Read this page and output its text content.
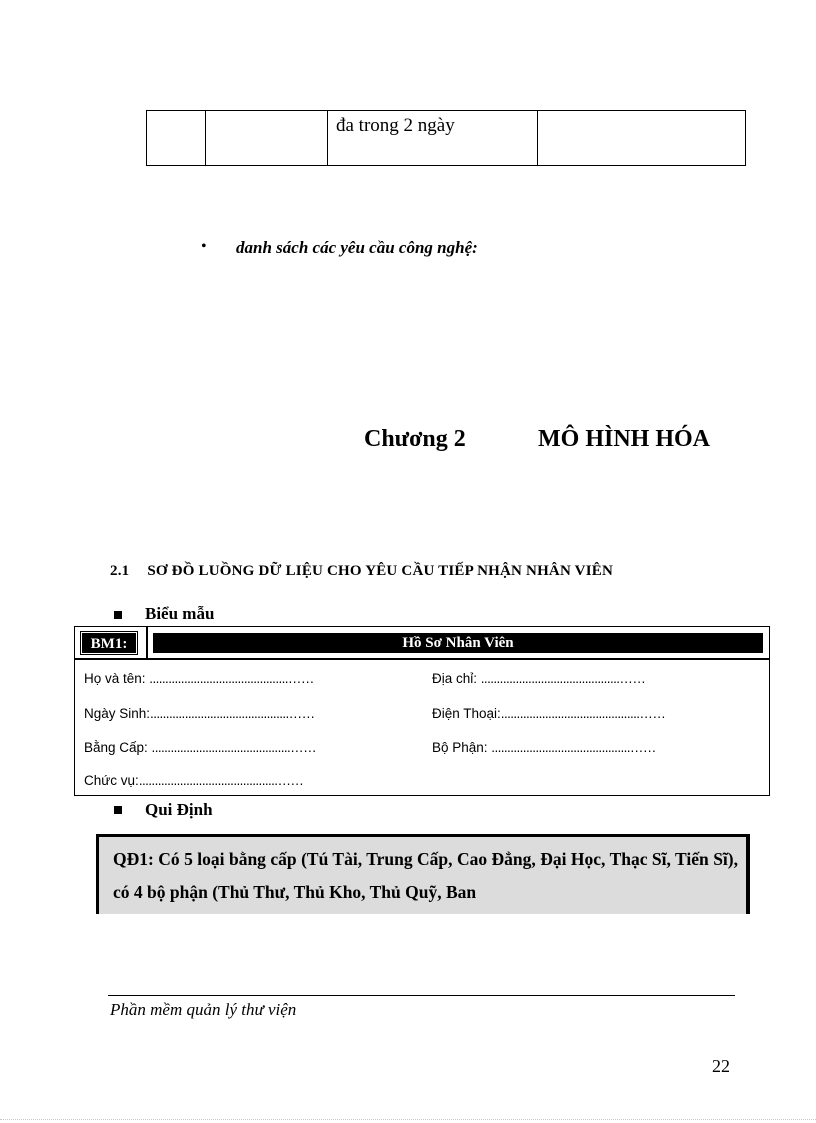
		đa trong 2 ngày	
• danh sách các yêu cầu công nghệ:
Chương 2	MÔ HÌNH HÓA
2.1 SƠ ĐỒ LUỒNG DỮ LIỆU CHO YÊU CẦU TIẾP NHẬN NHÂN VIÊN
Biểu mẫu
BM1:	Hồ Sơ Nhân Viên
Họ và tên: ............................................……	Địa chỉ: ............................................……
Ngày Sinh:............................................……	Điện Thoại:............................................……
Bằng Cấp: ............................................……	Bộ Phận: ............................................……
Chức vụ:............................................……
Qui Định
QĐ1: Có 5 loại bằng cấp (Tú Tài, Trung Cấp, Cao Đẳng, Đại Học, Thạc Sĩ, Tiến Sĩ), có 4 bộ phận (Thủ Thư, Thủ Kho, Thủ Quỹ, Ban
Phần mềm quản lý thư viện
22
